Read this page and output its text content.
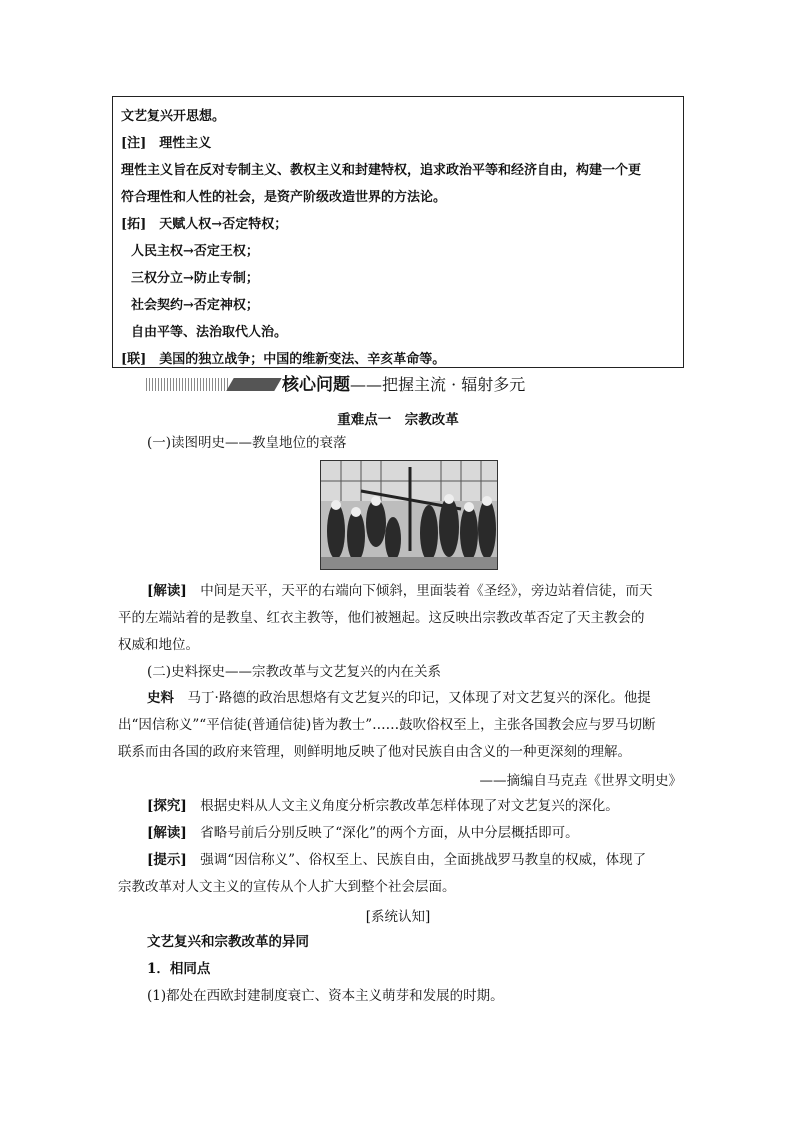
文艺复兴开思想。
[注]　理性主义
理性主义旨在反对专制主义、教权主义和封建特权，追求政治平等和经济自由，构建一个更
符合理性和人性的社会，是资产阶级改造世界的方法论。
[拓]　天赋人权→否定特权；
人民主权→否定王权；
三权分立→防止专制；
社会契约→否定神权；
自由平等、法治取代人治。
[联]　美国的独立战争；中国的维新变法、辛亥革命等。
核心问题——把握主流 · 辐射多元
重难点一　宗教改革
(一)读图明史——教皇地位的衰落
[解读]　中间是天平，天平的右端向下倾斜，里面装着《圣经》，旁边站着信徒，而天
平的左端站着的是教皇、红衣主教等，他们被翘起。这反映出宗教改革否定了天主教会的
权威和地位。
(二)史料探史——宗教改革与文艺复兴的内在关系
史料　马丁·路德的政治思想烙有文艺复兴的印记，又体现了对文艺复兴的深化。他提
出“因信称义”“平信徒(普通信徒)皆为教士”……鼓吹俗权至上，主张各国教会应与罗马切断
联系而由各国的政府来管理，则鲜明地反映了他对民族自由含义的一种更深刻的理解。
——摘编自马克垚《世界文明史》
[探究]　根据史料从人文主义角度分析宗教改革怎样体现了对文艺复兴的深化。
[解读]　省略号前后分别反映了“深化”的两个方面，从中分层概括即可。
[提示]　强调“因信称义”、俗权至上、民族自由，全面挑战罗马教皇的权威，体现了
宗教改革对人文主义的宣传从个人扩大到整个社会层面。
[系统认知]
文艺复兴和宗教改革的异同
1．相同点
(1)都处在西欧封建制度衰亡、资本主义萌芽和发展的时期。
